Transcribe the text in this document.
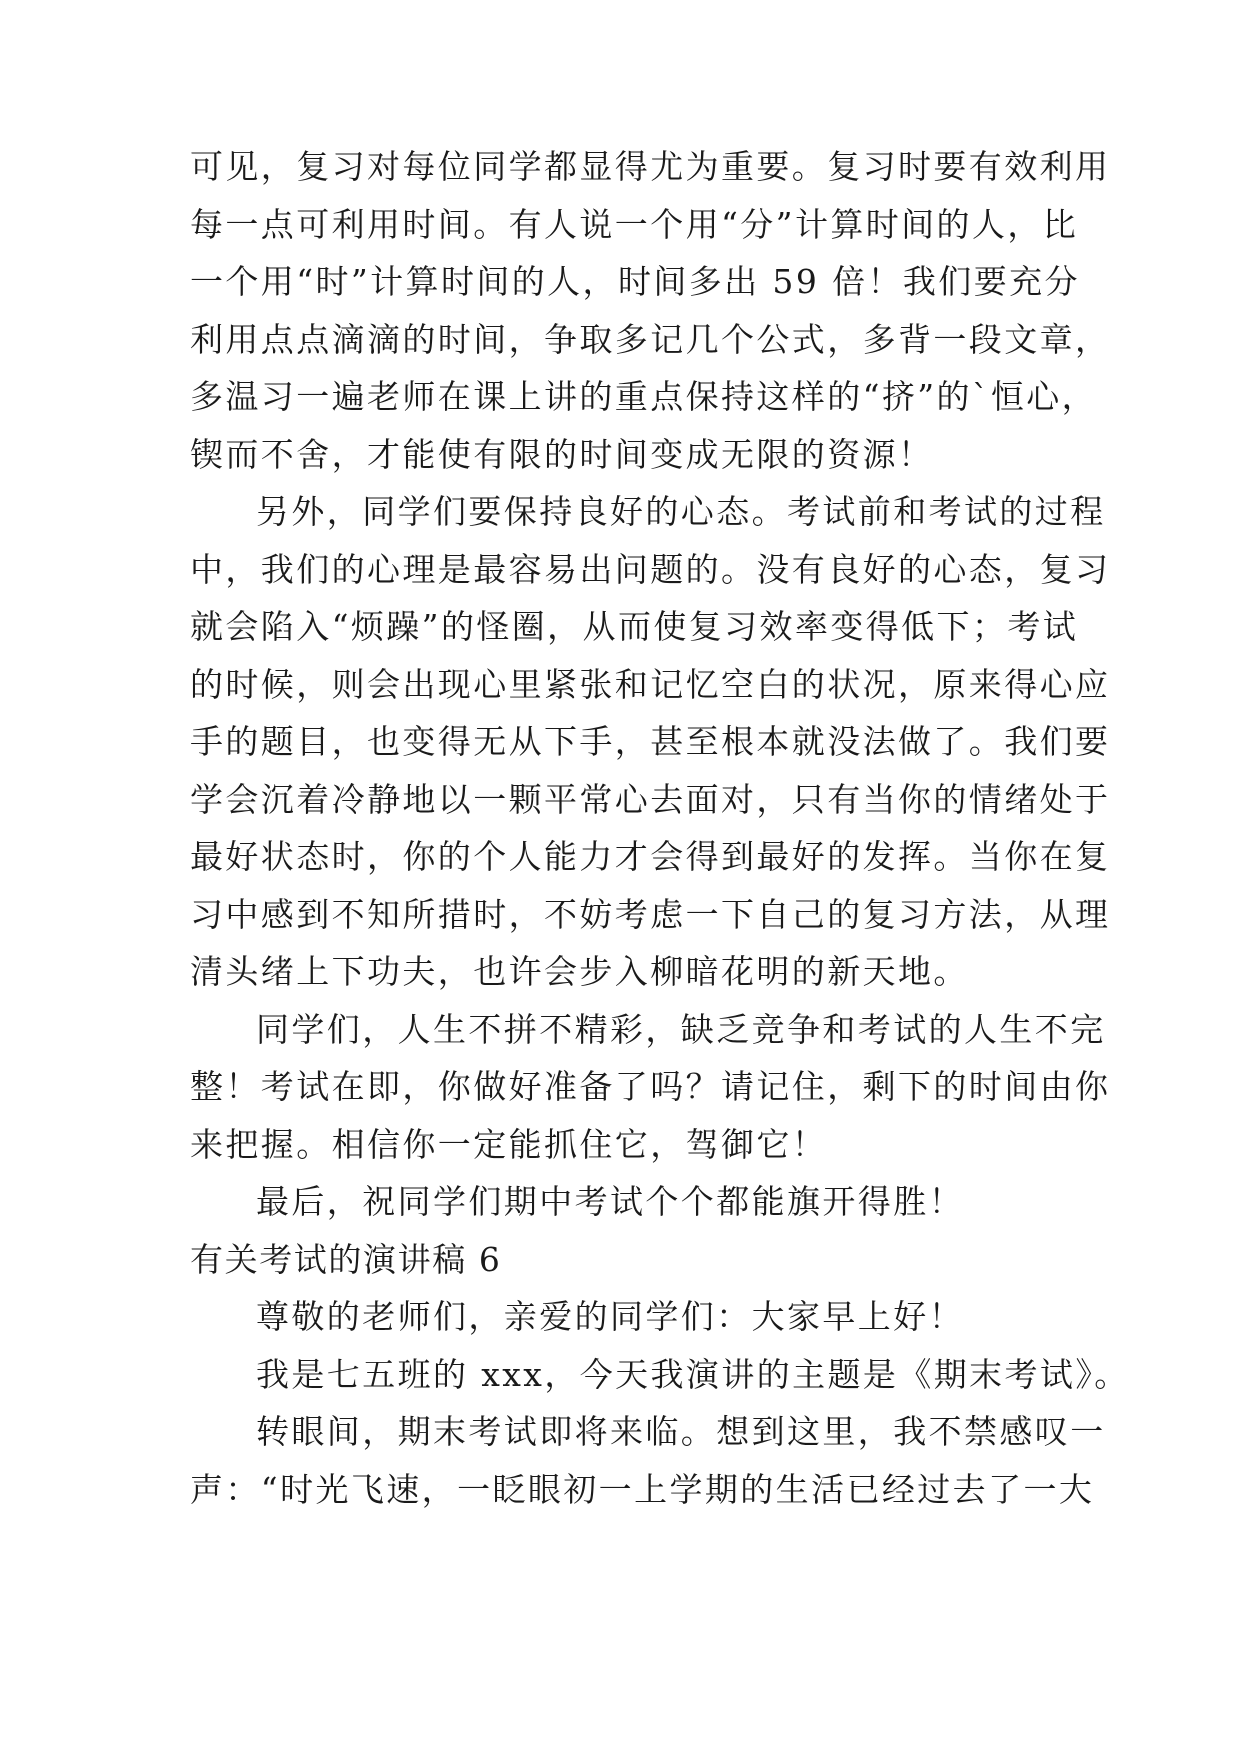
可见，复习对每位同学都显得尤为重要。复习时要有效利用
每一点可利用时间。有人说一个用“分”计算时间的人，比
一个用“时”计算时间的人，时间多出 59 倍！我们要充分
利用点点滴滴的时间，争取多记几个公式，多背一段文章，
多温习一遍老师在课上讲的重点保持这样的“挤”的`恒心，
锲而不舍，才能使有限的时间变成无限的资源！
另外，同学们要保持良好的心态。考试前和考试的过程
中，我们的心理是最容易出问题的。没有良好的心态，复习
就会陷入“烦躁”的怪圈，从而使复习效率变得低下；考试
的时候，则会出现心里紧张和记忆空白的状况，原来得心应
手的题目，也变得无从下手，甚至根本就没法做了。我们要
学会沉着冷静地以一颗平常心去面对，只有当你的情绪处于
最好状态时，你的个人能力才会得到最好的发挥。当你在复
习中感到不知所措时，不妨考虑一下自己的复习方法，从理
清头绪上下功夫，也许会步入柳暗花明的新天地。
同学们，人生不拼不精彩，缺乏竞争和考试的人生不完
整！考试在即，你做好准备了吗？请记住，剩下的时间由你
来把握。相信你一定能抓住它，驾御它！
最后，祝同学们期中考试个个都能旗开得胜！
有关考试的演讲稿 6
尊敬的老师们，亲爱的同学们：大家早上好！
我是七五班的 xxx，今天我演讲的主题是《期末考试》。
转眼间，期末考试即将来临。想到这里，我不禁感叹一
声：“时光飞速，一眨眼初一上学期的生活已经过去了一大
